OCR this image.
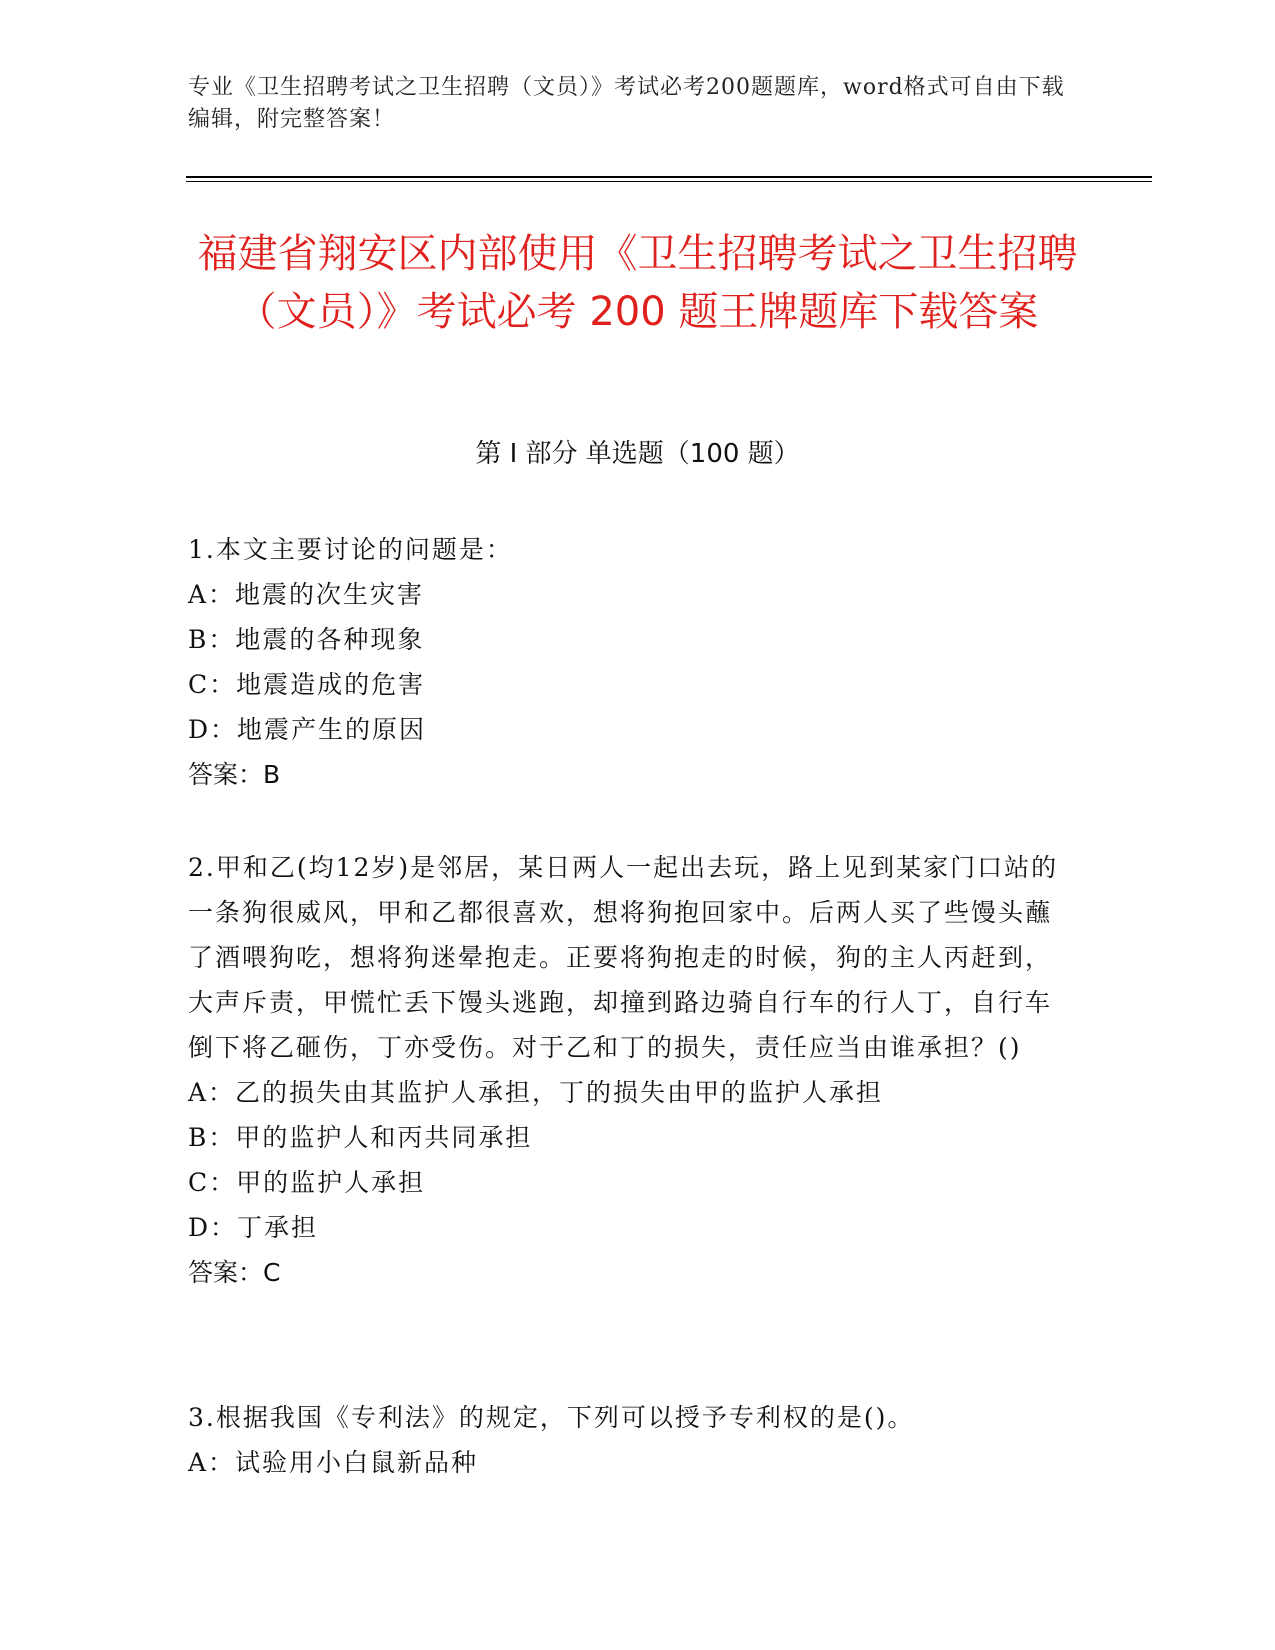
专业《卫生招聘考试之卫生招聘（文员）》考试必考200题题库，word格式可自由下载编辑，附完整答案！
福建省翔安区内部使用《卫生招聘考试之卫生招聘（文员）》考试必考 200 题王牌题库下载答案
第 I 部分 单选题（100 题）

1.本文主要讨论的问题是：

A：地震的次生灾害

B：地震的各种现象

C：地震造成的危害

D：地震产生的原因

答案：B

2.甲和乙(均12岁)是邻居，某日两人一起出去玩，路上见到某家门口站的一条狗很威风，甲和乙都很喜欢，想将狗抱回家中。后两人买了些馒头蘸了酒喂狗吃，想将狗迷晕抱走。正要将狗抱走的时候，狗的主人丙赶到，大声斥责，甲慌忙丢下馒头逃跑，却撞到路边骑自行车的行人丁，自行车倒下将乙砸伤，丁亦受伤。对于乙和丁的损失，责任应当由谁承担？()

A：乙的损失由其监护人承担，丁的损失由甲的监护人承担

B：甲的监护人和丙共同承担

C：甲的监护人承担

D：丁承担

答案：C

3.根据我国《专利法》的规定，下列可以授予专利权的是()。

A：试验用小白鼠新品种
